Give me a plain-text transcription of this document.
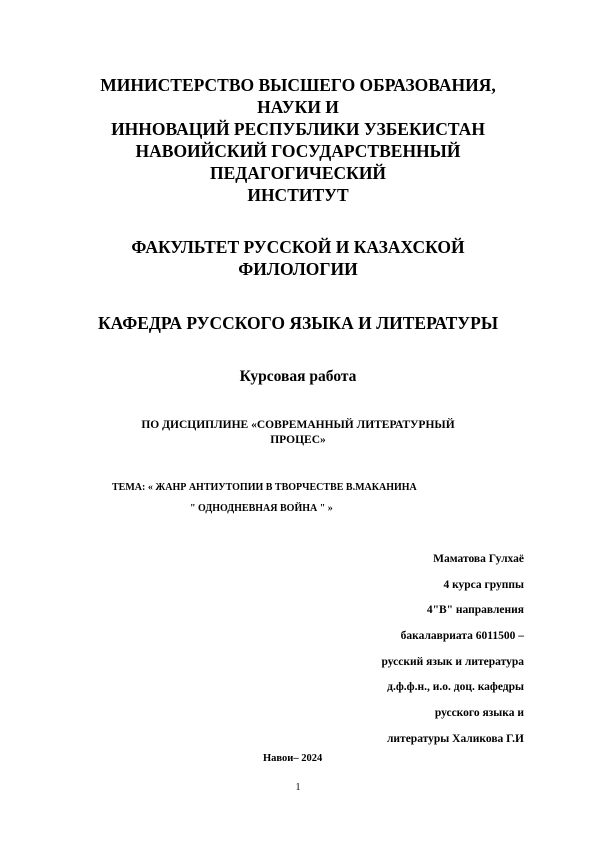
МИНИСТЕРСТВО ВЫСШЕГО ОБРАЗОВАНИЯ,
НАУКИ И
ИННОВАЦИЙ РЕСПУБЛИКИ УЗБЕКИСТАН
НАВОИЙСКИЙ ГОСУДАРСТВЕННЫЙ
ПЕДАГОГИЧЕСКИЙ
ИНСТИТУТ
ФАКУЛЬТЕТ РУССКОЙ И КАЗАХСКОЙ
ФИЛОЛОГИИ
КАФЕДРА РУССКОГО ЯЗЫКА И ЛИТЕРАТУРЫ
Курсовая работа
ПО ДИСЦИПЛИНЕ «СОВРЕМАННЫЙ ЛИТЕРАТУРНЫЙ
ПРОЦЕС»
ТЕМА: « ЖАНР АНТИУТОПИИ В ТВОРЧЕСТВЕ В.МАКАНИНА
" ОДНОДНЕВНАЯ ВОЙНА " »
Маматова Гулхаё
4 курса группы
4"В" направления
бакалавриата 6011500 –
русский язык и литература
д.ф.ф.н., и.о. доц. кафедры
русского языка и
литературы Халикова Г.И
Навои– 2024
1
